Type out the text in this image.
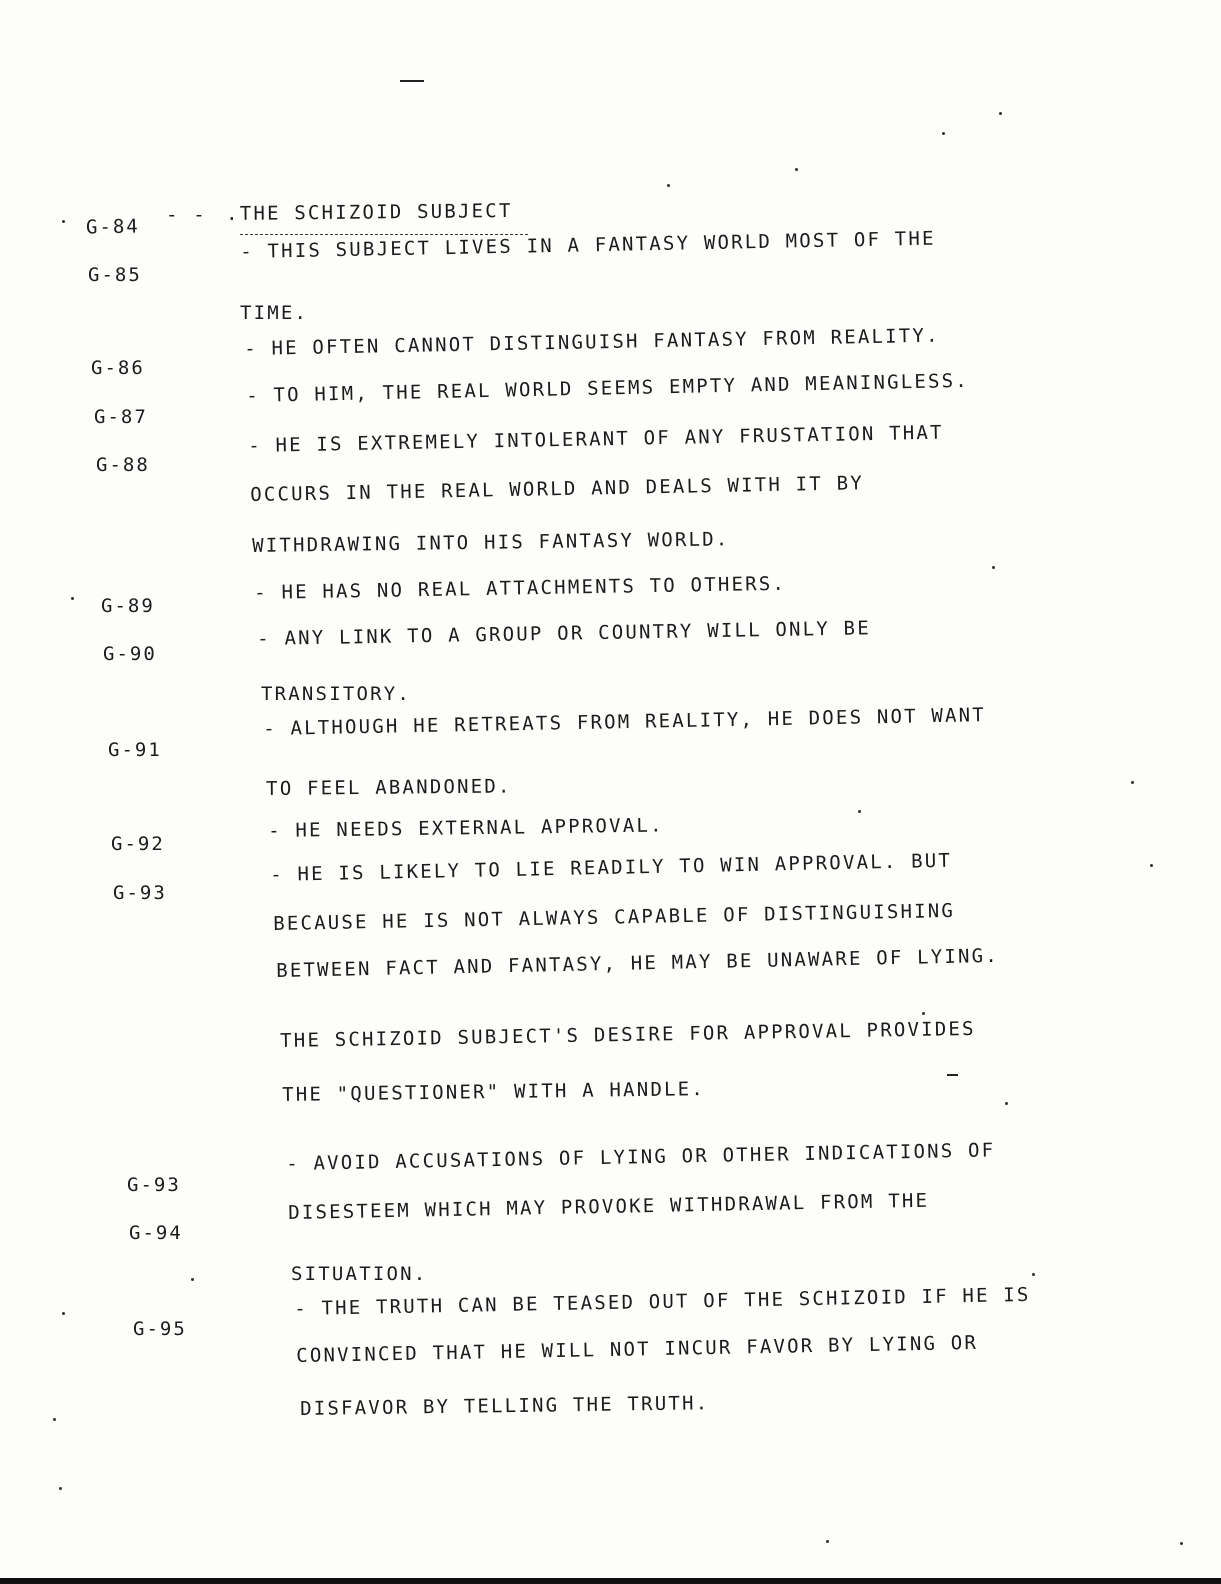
G-84
- - .THE SCHIZOID SUBJECT
G-85
- THIS SUBJECT LIVES IN A FANTASY WORLD MOST OF THE
TIME.
G-86
- HE OFTEN CANNOT DISTINGUISH FANTASY FROM REALITY.
G-87
- TO HIM, THE REAL WORLD SEEMS EMPTY AND MEANINGLESS.
G-88
- HE IS EXTREMELY INTOLERANT OF ANY FRUSTATION THAT
OCCURS IN THE REAL WORLD AND DEALS WITH IT BY
WITHDRAWING INTO HIS FANTASY WORLD.
G-89
- HE HAS NO REAL ATTACHMENTS TO OTHERS.
G-90
- ANY LINK TO A GROUP OR COUNTRY WILL ONLY BE
TRANSITORY.
G-91
- ALTHOUGH HE RETREATS FROM REALITY, HE DOES NOT WANT
TO FEEL ABANDONED.
G-92
- HE NEEDS EXTERNAL APPROVAL.
G-93
- HE IS LIKELY TO LIE READILY TO WIN APPROVAL. BUT
BECAUSE HE IS NOT ALWAYS CAPABLE OF DISTINGUISHING
BETWEEN FACT AND FANTASY, HE MAY BE UNAWARE OF LYING.
THE SCHIZOID SUBJECT'S DESIRE FOR APPROVAL PROVIDES
THE "QUESTIONER" WITH A HANDLE.
G-93
- AVOID ACCUSATIONS OF LYING OR OTHER INDICATIONS OF
G-94
DISESTEEM WHICH MAY PROVOKE WITHDRAWAL FROM THE
SITUATION.
G-95
- THE TRUTH CAN BE TEASED OUT OF THE SCHIZOID IF HE IS
CONVINCED THAT HE WILL NOT INCUR FAVOR BY LYING OR
DISFAVOR BY TELLING THE TRUTH.
